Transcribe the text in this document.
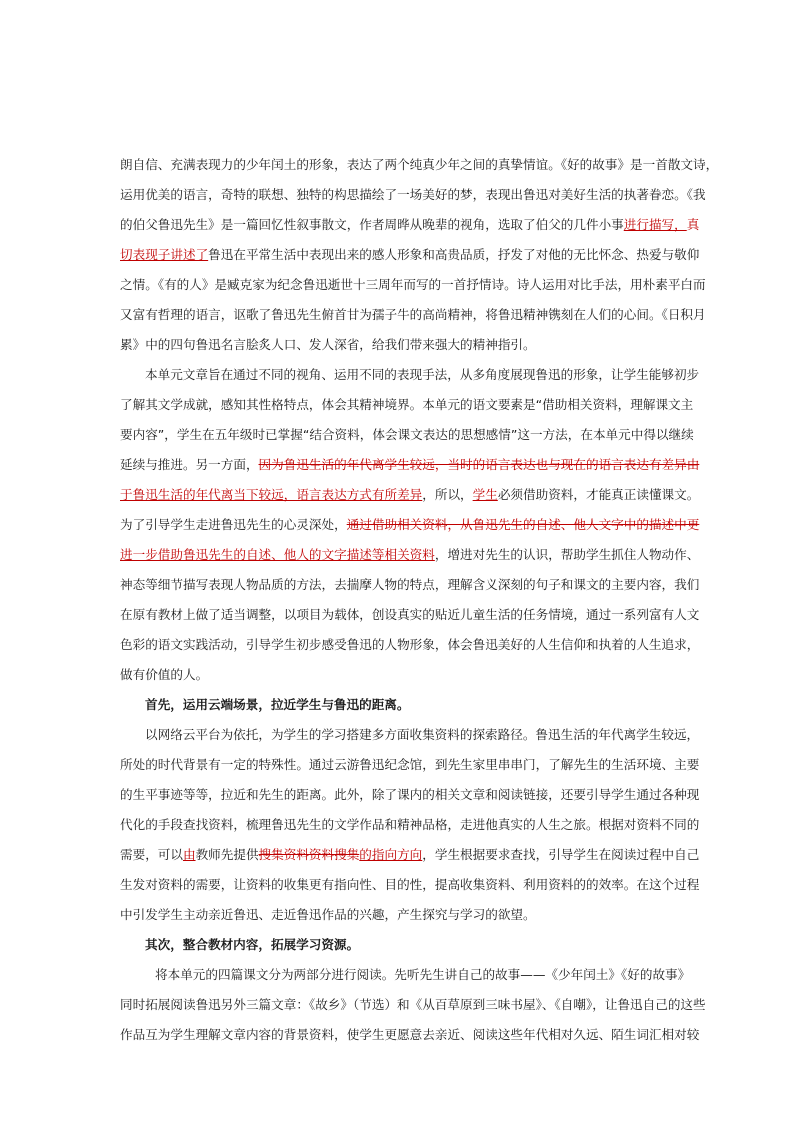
朗自信、充满表现力的少年闰土的形象，表达了两个纯真少年之间的真挚情谊。《好的故事》是一首散文诗，
运用优美的语言，奇特的联想、独特的构思描绘了一场美好的梦，表现出鲁迅对美好生活的执著眷恋。《我
的伯父鲁迅先生》是一篇回忆性叙事散文，作者周晔从晚辈的视角，选取了伯父的几件小事进行描写，真
切表现子讲述了鲁迅在平常生活中表现出来的感人形象和高贵品质，抒发了对他的无比怀念、热爱与敬仰
之情。《有的人》是臧克家为纪念鲁迅逝世十三周年而写的一首抒情诗。诗人运用对比手法，用朴素平白而
又富有哲理的语言，讴歌了鲁迅先生俯首甘为孺子牛的高尚精神，将鲁迅精神镌刻在人们的心间。《日积月
累》中的四句鲁迅名言脍炙人口、发人深省，给我们带来强大的精神指引。
本单元文章旨在通过不同的视角、运用不同的表现手法，从多角度展现鲁迅的形象，让学生能够初步
了解其文学成就，感知其性格特点，体会其精神境界。本单元的语文要素是“借助相关资料，理解课文主
要内容”，学生在五年级时已掌握“结合资料，体会课文表达的思想感情”这一方法，在本单元中得以继续
延续与推进。另一方面，因为鲁迅生活的年代离学生较远，当时的语言表达也与现在的语言表达有差异由
于鲁迅生活的年代离当下较远，语言表达方式有所差异，所以，学生必须借助资料，才能真正读懂课文。
为了引导学生走进鲁迅先生的心灵深处，通过借助相关资料，从鲁迅先生的自述、他人文字中的描述中更
进一步借助鲁迅先生的自述、他人的文字描述等相关资料，增进对先生的认识，帮助学生抓住人物动作、
神态等细节描写表现人物品质的方法，去揣摩人物的特点，理解含义深刻的句子和课文的主要内容，我们
在原有教材上做了适当调整，以项目为载体，创设真实的贴近儿童生活的任务情境，通过一系列富有人文
色彩的语文实践活动，引导学生初步感受鲁迅的人物形象，体会鲁迅美好的人生信仰和执着的人生追求，
做有价值的人。
首先，运用云端场景，拉近学生与鲁迅的距离。
以网络云平台为依托，为学生的学习搭建多方面收集资料的探索路径。鲁迅生活的年代离学生较远，
所处的时代背景有一定的特殊性。通过云游鲁迅纪念馆，到先生家里串串门，了解先生的生活环境、主要
的生平事迹等等，拉近和先生的距离。此外，除了课内的相关文章和阅读链接，还要引导学生通过各种现
代化的手段查找资料，梳理鲁迅先生的文学作品和精神品格，走进他真实的人生之旅。根据对资料不同的
需要，可以由教师先提供搜集资料资料搜集的指向方向，学生根据要求查找，引导学生在阅读过程中自己
生发对资料的需要，让资料的收集更有指向性、目的性，提高收集资料、利用资料的的效率。在这个过程
中引发学生主动亲近鲁迅、走近鲁迅作品的兴趣，产生探究与学习的欲望。
其次，整合教材内容，拓展学习资源。
将本单元的四篇课文分为两部分进行阅读。先听先生讲自己的故事——《少年闰土》《好的故事》
同时拓展阅读鲁迅另外三篇文章：《故乡》（节选）和《从百草原到三味书屋》、《自嘲》，让鲁迅自己的这些
作品互为学生理解文章内容的背景资料，使学生更愿意去亲近、阅读这些年代相对久远、陌生词汇相对较
